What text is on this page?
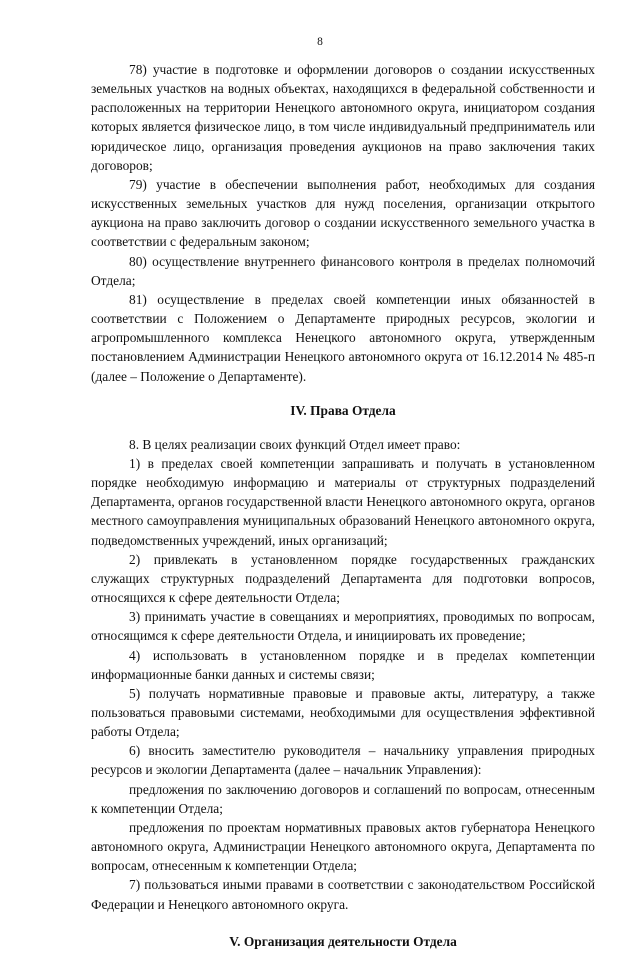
8

78) участие в подготовке и оформлении договоров о создании искусственных земельных участков на водных объектах, находящихся в федеральной собственности и расположенных на территории Ненецкого автономного округа, инициатором создания которых является физическое лицо, в том числе индивидуальный предприниматель или юридическое лицо, организация проведения аукционов на право заключения таких договоров;

79) участие в обеспечении выполнения работ, необходимых для создания искусственных земельных участков для нужд поселения, организации открытого аукциона на право заключить договор о создании искусственного земельного участка в соответствии с федеральным законом;

80) осуществление внутреннего финансового контроля в пределах полномочий Отдела;

81) осуществление в пределах своей компетенции иных обязанностей в соответствии с Положением о Департаменте природных ресурсов, экологии и агропромышленного комплекса Ненецкого автономного округа, утвержденным постановлением Администрации Ненецкого автономного округа от 16.12.2014 № 485-п (далее – Положение о Департаменте).

IV. Права Отдела

8. В целях реализации своих функций Отдел имеет право:

1) в пределах своей компетенции запрашивать и получать в установленном порядке необходимую информацию и материалы от структурных подразделений Департамента, органов государственной власти Ненецкого автономного округа, органов местного самоуправления муниципальных образований Ненецкого автономного округа, подведомственных учреждений, иных организаций;

2) привлекать в установленном порядке государственных гражданских служащих структурных подразделений Департамента для подготовки вопросов, относящихся к сфере деятельности Отдела;

3) принимать участие в совещаниях и мероприятиях, проводимых по вопросам, относящимся к сфере деятельности Отдела, и инициировать их проведение;

4) использовать в установленном порядке и в пределах компетенции информационные банки данных и системы связи;

5) получать нормативные правовые и правовые акты, литературу, а также пользоваться правовыми системами, необходимыми для осуществления эффективной работы Отдела;

6) вносить заместителю руководителя – начальнику управления природных ресурсов и экологии Департамента (далее – начальник Управления):

предложения по заключению договоров и соглашений по вопросам, отнесенным к компетенции Отдела;

предложения по проектам нормативных правовых актов губернатора Ненецкого автономного округа, Администрации Ненецкого автономного округа, Департамента по вопросам, отнесенным к компетенции Отдела;

7) пользоваться иными правами в соответствии с законодательством Российской Федерации и Ненецкого автономного округа.

V. Организация деятельности Отдела
